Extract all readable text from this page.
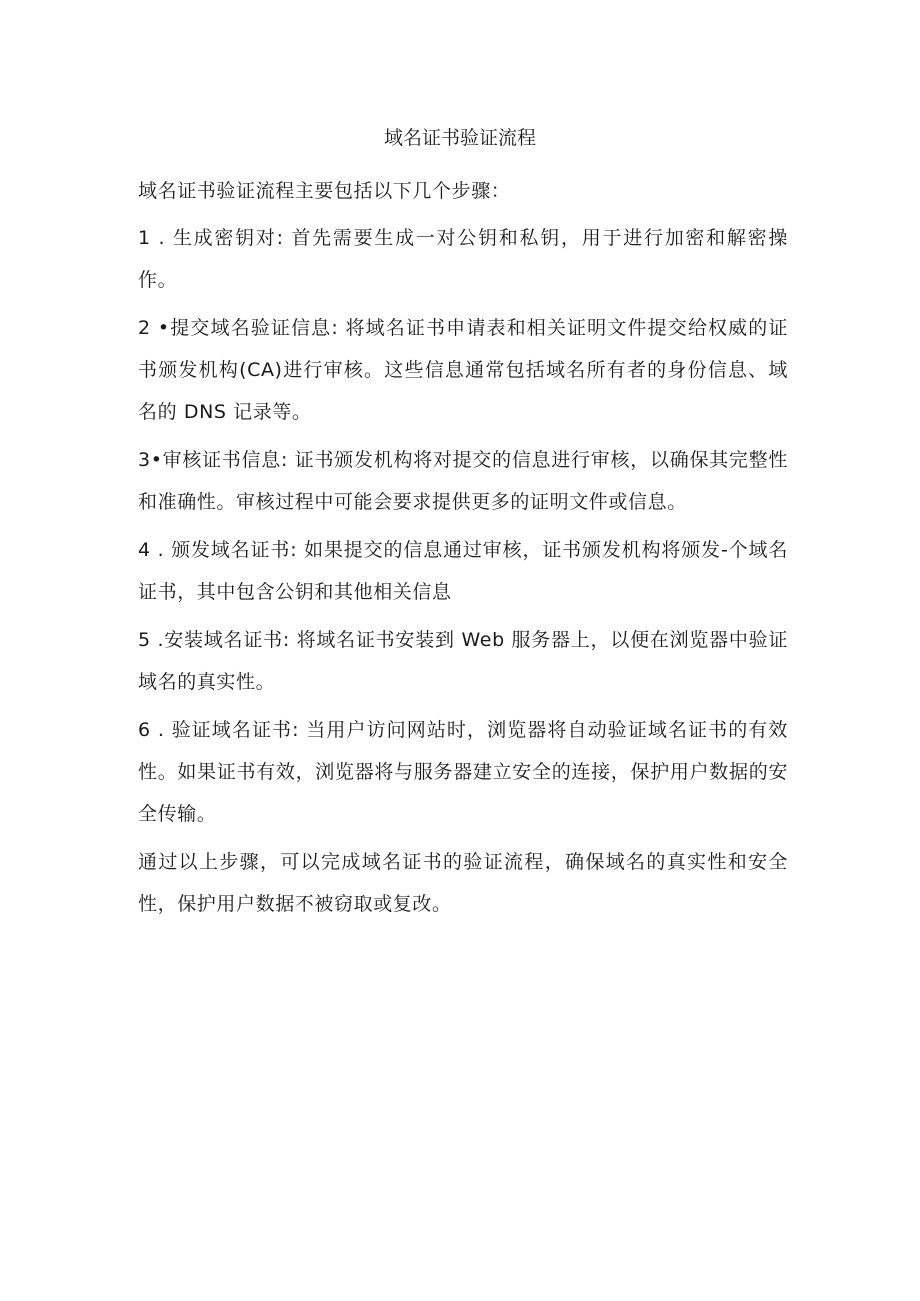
域名证书验证流程

域名证书验证流程主要包括以下几个步骤：

1 . 生成密钥对: 首先需要生成一对公钥和私钥，用于进行加密和解密操作。

2 •提交域名验证信息: 将域名证书申请表和相关证明文件提交给权威的证书颁发机构(CA)进行审核。这些信息通常包括域名所有者的身份信息、域名的 DNS 记录等。

3•审核证书信息: 证书颁发机构将对提交的信息进行审核，以确保其完整性和准确性。审核过程中可能会要求提供更多的证明文件或信息。

4 . 颁发域名证书: 如果提交的信息通过审核，证书颁发机构将颁发-个域名证书，其中包含公钥和其他相关信息

5 .安装域名证书: 将域名证书安装到 Web 服务器上，以便在浏览器中验证域名的真实性。

6 . 验证域名证书: 当用户访问网站时，浏览器将自动验证域名证书的有效性。如果证书有效，浏览器将与服务器建立安全的连接，保护用户数据的安全传输。

通过以上步骤，可以完成域名证书的验证流程，确保域名的真实性和安全性，保护用户数据不被窃取或复改。
